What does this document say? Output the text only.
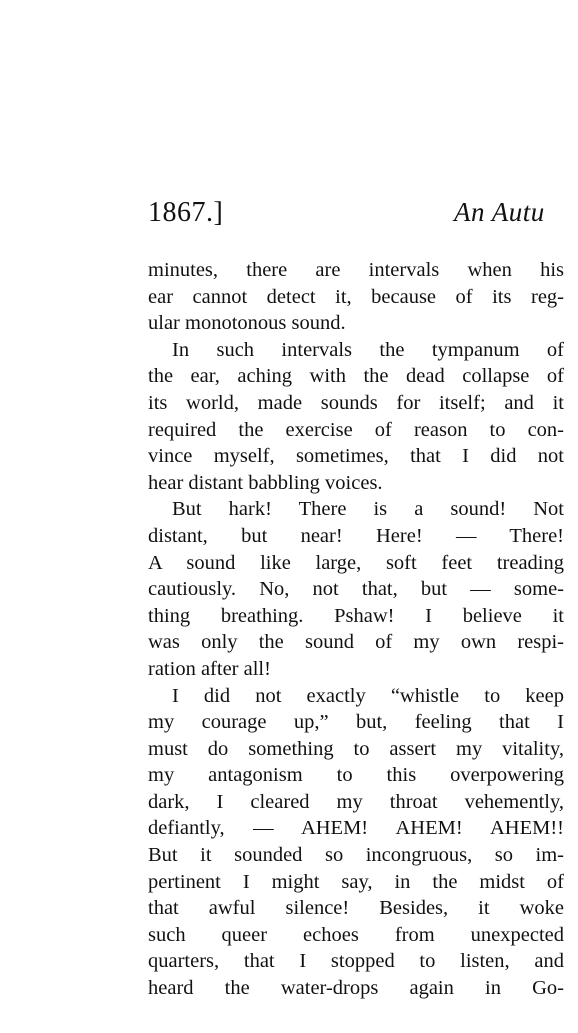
1867.]	An Autu
minutes, there are intervals when his
ear cannot detect it, because of its reg-
ular monotonous sound.
In such intervals the tympanum of
the ear, aching with the dead collapse of
its world, made sounds for itself; and it
required the exercise of reason to con-
vince myself, sometimes, that I did not
hear distant babbling voices.
But hark! There is a sound! Not
distant, but near! Here! — There!
A sound like large, soft feet treading
cautiously. No, not that, but — some-
thing breathing. Pshaw! I believe it
was only the sound of my own respi-
ration after all!
I did not exactly “whistle to keep
my courage up,” but, feeling that I
must do something to assert my vitality,
my antagonism to this overpowering
dark, I cleared my throat vehemently,
defiantly, — AHEM! AHEM! AHEM!!
But it sounded so incongruous, so im-
pertinent I might say, in the midst of
that awful silence! Besides, it woke
such queer echoes from unexpected
quarters, that I stopped to listen, and
heard the water-drops again in Go-
